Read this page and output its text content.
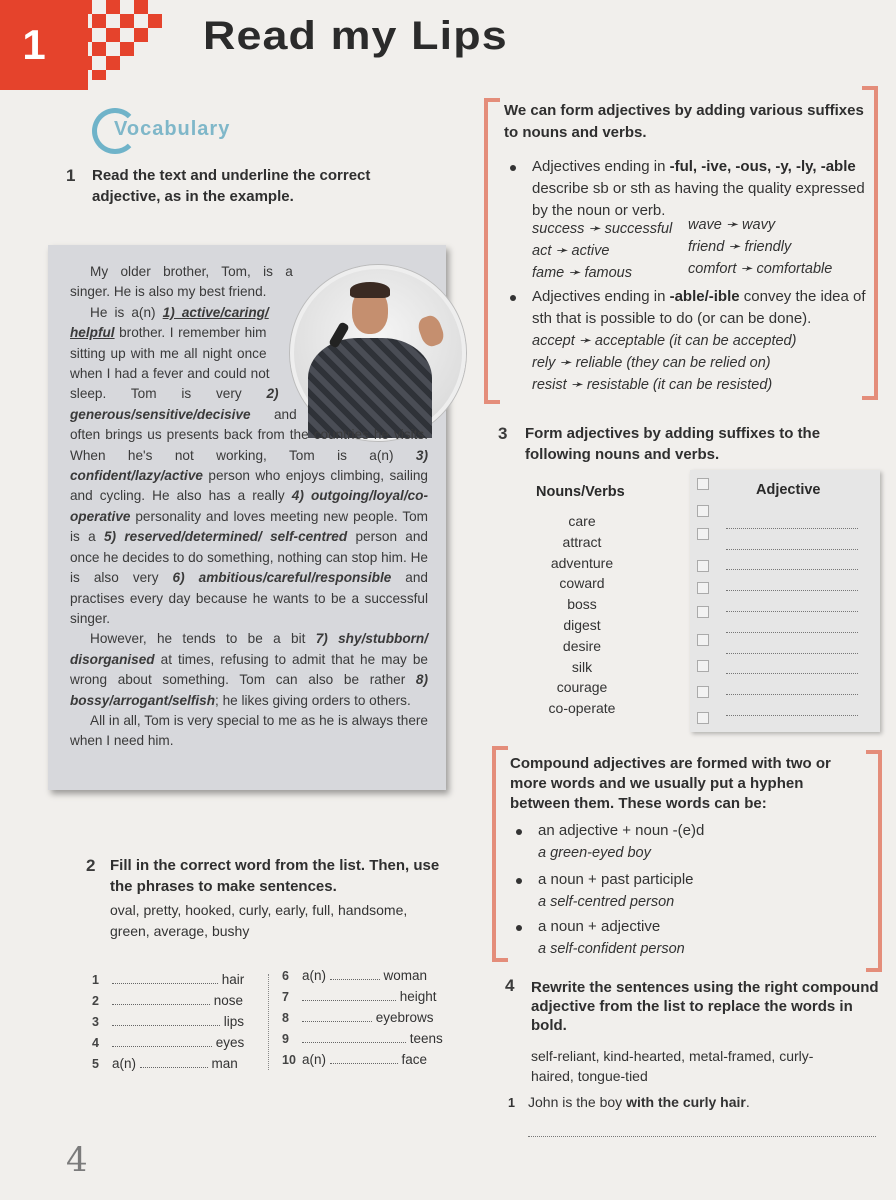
1	Read my Lips
Vocabulary
1 Read the text and underline the correct adjective, as in the example.

My older brother, Tom, is a singer. He is also my best friend.

He is a(n) 1) active/caring/ helpful brother. I remember him sitting up with me all night once when I had a fever and could not sleep. Tom is very 2) generous/sensitive/decisive and often brings us presents back from the countries he visits. When he's not working, Tom is a(n) 3) confident/lazy/active person who enjoys climbing, sailing and cycling. He also has a really 4) outgoing/loyal/co-operative personality and loves meeting new people. Tom is a 5) reserved/determined/ self-centred person and once he decides to do something, nothing can stop him. He is also very 6) ambitious/careful/responsible and practises every day because he wants to be a successful singer.

However, he tends to be a bit 7) shy/stubborn/ disorganised at times, refusing to admit that he may be wrong about something. Tom can also be rather 8) bossy/arrogant/selfish; he likes giving orders to others.

All in all, Tom is very special to me as he is always there when I need him.

We can form adjectives by adding various suffixes to nouns and verbs.
Adjectives ending in -ful, -ive, -ous, -y, -ly, -able describe sb or sth as having the quality expressed by the noun or verb.
success ➛ successful
act ➛ active
fame ➛ famous
wave ➛ wavy
friend ➛ friendly
comfort ➛ comfortable
Adjectives ending in -able/-ible convey the idea of sth that is possible to do (or can be done).
accept ➛ acceptable (it can be accepted)
rely ➛ reliable (they can be relied on)
resist ➛ resistable (it can be resisted)
3 Form adjectives by adding suffixes to the following nouns and verbs.
Nouns/Verbs	Adjective
care
attract
adventure
coward
boss
digest
desire
silk
courage
co-operate
Compound adjectives are formed with two or more words and we usually put a hyphen between them. These words can be:
an adjective + noun -(e)d
a green-eyed boy
a noun + past participle
a self-centred person
a noun + adjective
a self-confident person
2 Fill in the correct word from the list. Then, use the phrases to make sentences.
oval, pretty, hooked, curly, early, full, handsome, green, average, bushy
1	hair
2	nose
3	lips
4	eyes
5 a(n)	man
6 a(n)	woman
7	height
8	eyebrows
9	teens
10 a(n)	face
4 Rewrite the sentences using the right compound adjective from the list to replace the words in bold.
self-reliant, kind-hearted, metal-framed, curly-haired, tongue-tied
1 John is the boy with the curly hair.
4
